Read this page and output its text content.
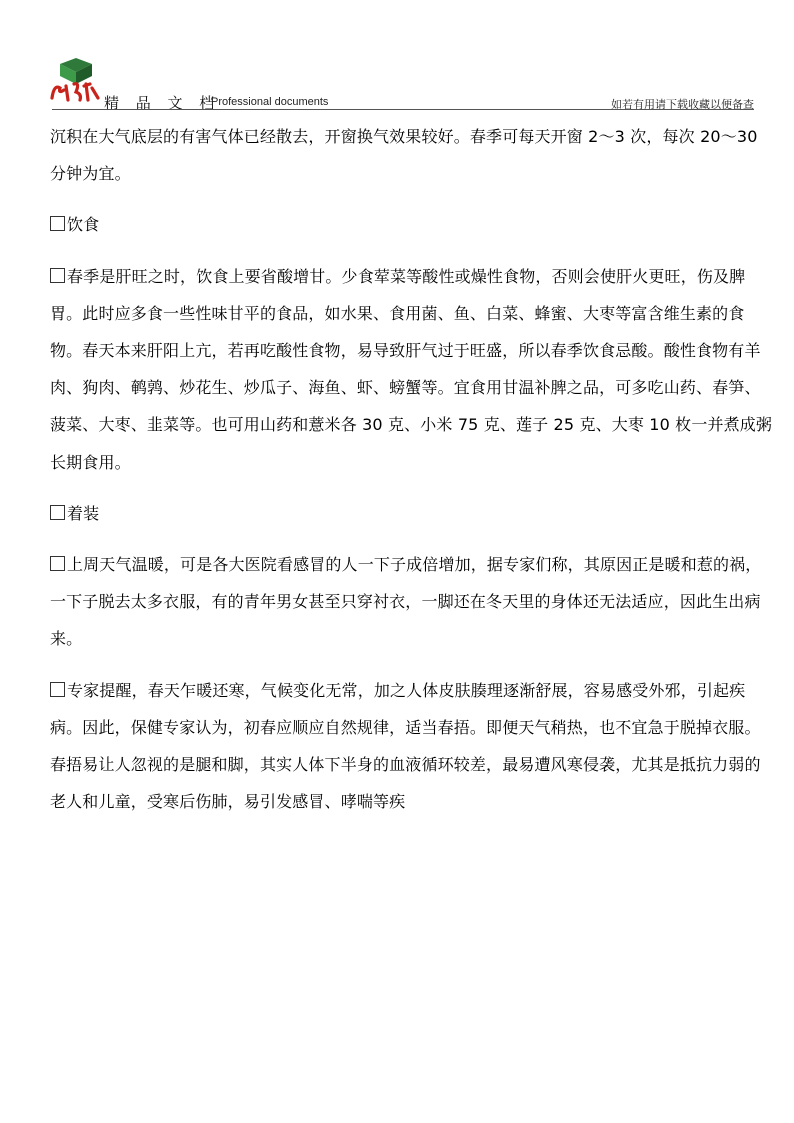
精 品 文 档
Professional documents	如若有用请下载收藏以便备查

沉积在大气底层的有害气体已经散去，开窗换气效果较好。春季可每天开窗 2～3 次，每次 20～30 分钟为宜。

饮食

春季是肝旺之时，饮食上要省酸增甘。少食荤菜等酸性或燥性食物，否则会使肝火更旺，伤及脾胃。此时应多食一些性味甘平的食品，如水果、食用菌、鱼、白菜、蜂蜜、大枣等富含维生素的食物。春天本来肝阳上亢，若再吃酸性食物，易导致肝气过于旺盛，所以春季饮食忌酸。酸性食物有羊肉、狗肉、鹌鹑、炒花生、炒瓜子、海鱼、虾、螃蟹等。宜食用甘温补脾之品，可多吃山药、春笋、菠菜、大枣、韭菜等。也可用山药和薏米各 30 克、小米 75 克、莲子 25 克、大枣 10 枚一并煮成粥长期食用。

着装

上周天气温暖，可是各大医院看感冒的人一下子成倍增加，据专家们称，其原因正是暖和惹的祸，一下子脱去太多衣服，有的青年男女甚至只穿衬衣，一脚还在冬天里的身体还无法适应，因此生出病来。

专家提醒，春天乍暖还寒，气候变化无常，加之人体皮肤腠理逐渐舒展，容易感受外邪，引起疾病。因此，保健专家认为，初春应顺应自然规律，适当春捂。即便天气稍热，也不宜急于脱掉衣服。春捂易让人忽视的是腿和脚，其实人体下半身的血液循环较差，最易遭风寒侵袭，尤其是抵抗力弱的老人和儿童，受寒后伤肺，易引发感冒、哮喘等疾
